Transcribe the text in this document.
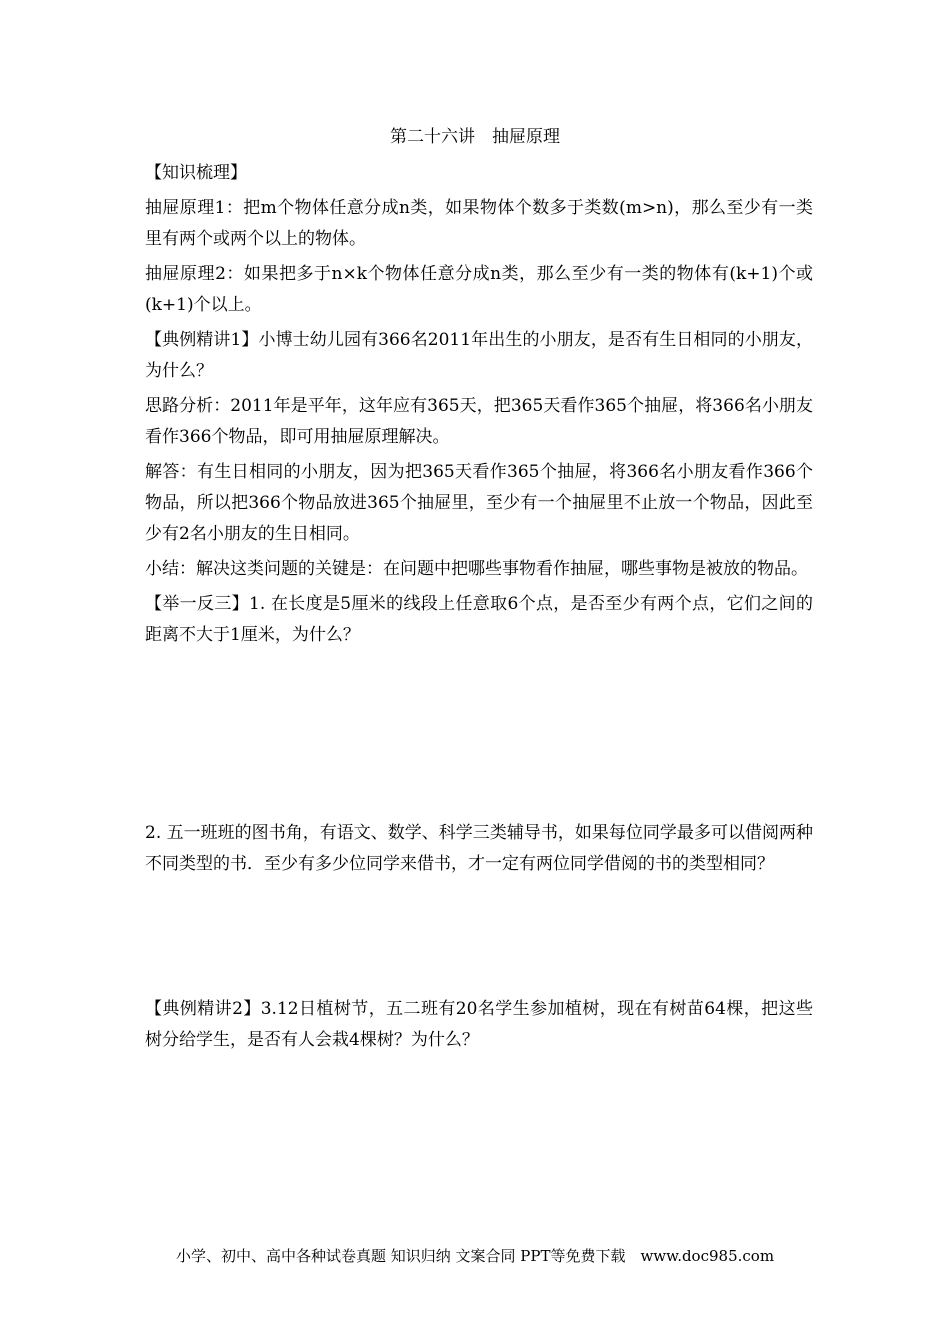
第二十六讲　抽屉原理

【知识梳理】

抽屉原理1：把m个物体任意分成n类，如果物体个数多于类数(m>n)，那么至少有一类里有两个或两个以上的物体。

抽屉原理2：如果把多于n×k个物体任意分成n类，那么至少有一类的物体有(k+1)个或(k+1)个以上。

【典例精讲1】小博士幼儿园有366名2011年出生的小朋友，是否有生日相同的小朋友，为什么？

思路分析：2011年是平年，这年应有365天，把365天看作365个抽屉，将366名小朋友看作366个物品，即可用抽屉原理解决。

解答：有生日相同的小朋友，因为把365天看作365个抽屉，将366名小朋友看作366个物品，所以把366个物品放进365个抽屉里，至少有一个抽屉里不止放一个物品，因此至少有2名小朋友的生日相同。

小结：解决这类问题的关键是：在问题中把哪些事物看作抽屉，哪些事物是被放的物品。

【举一反三】1. 在长度是5厘米的线段上任意取6个点，是否至少有两个点，它们之间的距离不大于1厘米，为什么？

2. 五一班班的图书角，有语文、数学、科学三类辅导书，如果每位同学最多可以借阅两种不同类型的书．至少有多少位同学来借书，才一定有两位同学借阅的书的类型相同？

【典例精讲2】3.12日植树节，五二班有20名学生参加植树，现在有树苗64棵，把这些树分给学生，是否有人会栽4棵树？为什么？

小学、初中、高中各种试卷真题 知识归纳 文案合同 PPT等免费下载　www.doc985.com
